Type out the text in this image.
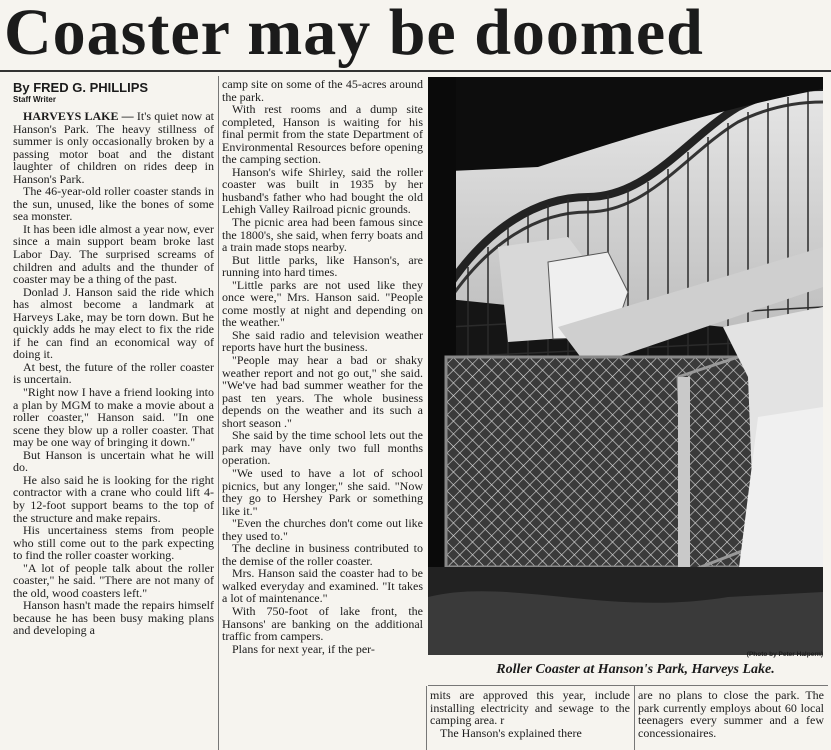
Coaster may be doomed
By FRED G. PHILLIPS
Staff Writer

HARVEYS LAKE — It's quiet now at Hanson's Park. The heavy stillness of summer is only occasionally broken by a passing motor boat and the distant laughter of children on rides deep in Hanson's Park.

The 46-year-old roller coaster stands in the sun, unused, like the bones of some sea monster.

It has been idle almost a year now, ever since a main support beam broke last Labor Day. The surprised screams of children and adults and the thunder of coaster may be a thing of the past.

Donlad J. Hanson said the ride which has almost become a landmark at Harveys Lake, may be torn down. But he quickly adds he may elect to fix the ride if he can find an economical way of doing it.

At best, the future of the roller coaster is uncertain.

"Right now I have a friend looking into a plan by MGM to make a movie about a roller coaster," Hanson said. "In one scene they blow up a roller coaster. That may be one way of bringing it down."

But Hanson is uncertain what he will do.

He also said he is looking for the right contractor with a crane who could lift 4-by 12-foot support beams to the top of the structure and make repairs.

His uncertainess stems from people who still come out to the park expecting to find the roller coaster working.

"A lot of people talk about the roller coaster," he said. "There are not many of the old, wood coasters left."

Hanson hasn't made the repairs himself because he has been busy making plans and developing a

camp site on some of the 45-acres around the park.

With rest rooms and a dump site completed, Hanson is waiting for his final permit from the state Department of Environmental Resources before opening the camping section.

Hanson's wife Shirley, said the roller coaster was built in 1935 by her husband's father who had bought the old Lehigh Valley Railroad picnic grounds.

The picnic area had been famous since the 1800's, she said, when ferry boats and a train made stops nearby.

But little parks, like Hanson's, are running into hard times.

"Little parks are not used like they once were," Mrs. Hanson said. "People come mostly at night and depending on the weather."

She said radio and television weather reports have hurt the business.

"People may hear a bad or shaky weather report and not go out," she said. "We've had bad summer weather for the past ten years. The whole business depends on the weather and its such a short season ."

She said by the time school lets out the park may have only two full months operation.

"We used to have a lot of school picnics, but any longer," she said. "Now they go to Hershey Park or something like it."

"Even the churches don't come out like they used to."

The decline in business contributed to the demise of the roller coaster.

Mrs. Hanson said the coaster had to be walked everyday and examined. "It takes a lot of maintenance."

With 750-foot of lake front, the Hansons' are banking on the additional traffic from campers.

Plans for next year, if the per-	(Photo by Peter Halpern)
Roller Coaster at Hanson's Park, Harveys Lake.

mits are approved this year, include installing electricity and sewage to the camping area. r

The Hanson's explained there

are no plans to close the park. The park currently employs about 60 local teenagers every summer and a few concessionaires.
